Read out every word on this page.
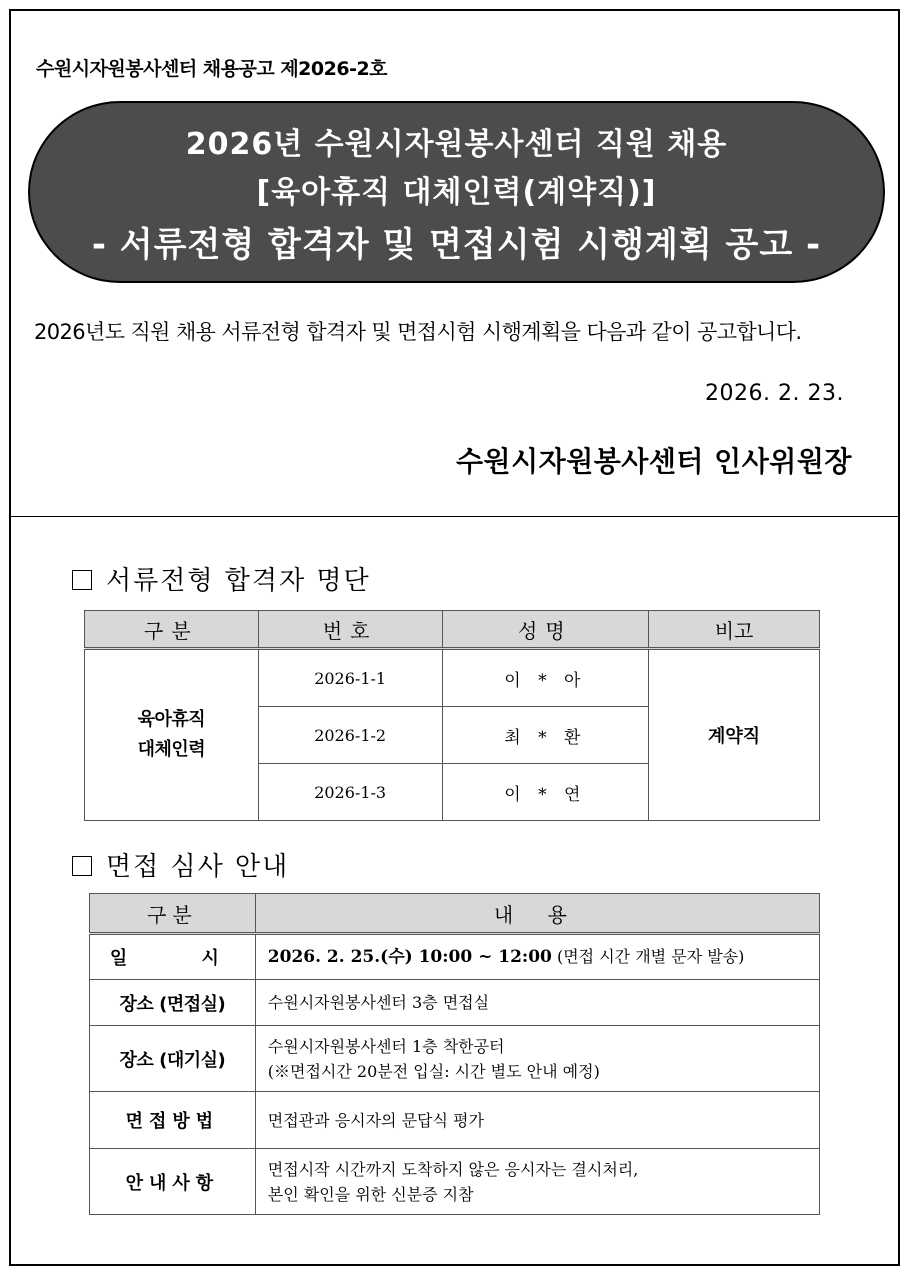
수원시자원봉사센터 채용공고 제2026-2호
2026년 수원시자원봉사센터 직원 채용
[육아휴직 대체인력(계약직)]
- 서류전형 합격자 및 면접시험 시행계획 공고 -
2026년도 직원 채용 서류전형 합격자 및 면접시험 시행계획을 다음과 같이 공고합니다.
2026. 2. 23.
수원시자원봉사센터 인사위원장
서류전형 합격자 명단
구분	번호	성명	비고

육아휴직
대체인력	2026-1-1	이 * 아	계약직
	2026-1-2	최 * 환	
	2026-1-3	이 * 연	
면접 심사 안내
구분	내 용
일 시	2026. 2. 25.(수) 10:00 ~ 12:00 (면접 시간 개별 문자 발송)
장소 (면접실)	수원시자원봉사센터 3층 면접실
장소 (대기실)	수원시자원봉사센터 1층 착한공터
(※면접시간 20분전 입실: 시간 별도 안내 예정)

면접방법	면접관과 응시자의 문답식 평가
안내사항	면접시작 시간까지 도착하지 않은 응시자는 결시처리,
본인 확인을 위한 신분증 지참
